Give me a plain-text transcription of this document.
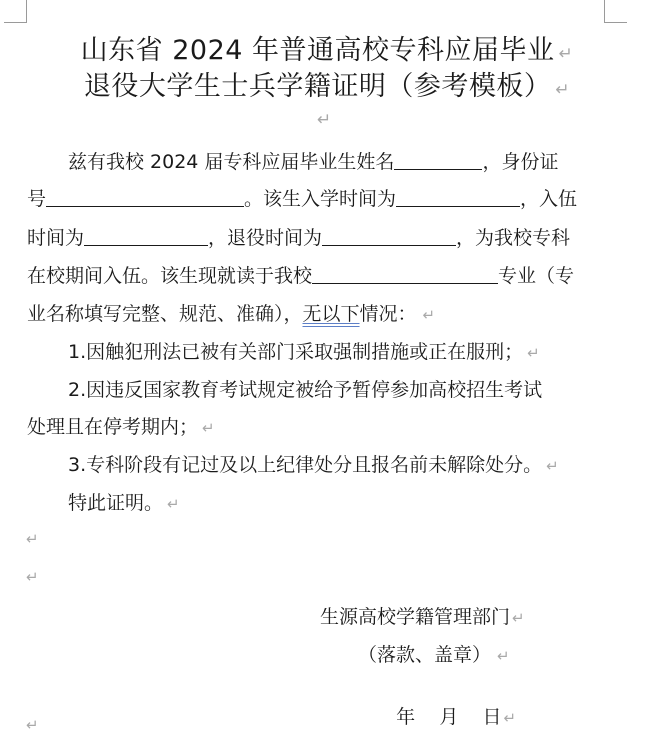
山东省 2024 年普通高校专科应届毕业 ↵
退役大学生士兵学籍证明（参考模板） ↵
↵
兹有我校 2024 届专科应届毕业生姓名	，身份证
号	。该生入学时间为	，入伍
时间为	，退役时间为	，为我校专科
在校期间入伍。该生现就读于我校	专业（专
业名称填写完整、规范、准确），无以下情况： ↵
1.因触犯刑法已被有关部门采取强制措施或正在服刑； ↵
2.因违反国家教育考试规定被给予暂停参加高校招生考试
处理且在停考期内； ↵
3.专科阶段有记过及以上纪律处分且报名前未解除处分。 ↵
特此证明。 ↵
↵
↵
生源高校学籍管理部门 ↵
（落款、盖章） ↵

年    月    日 ↵

↵
